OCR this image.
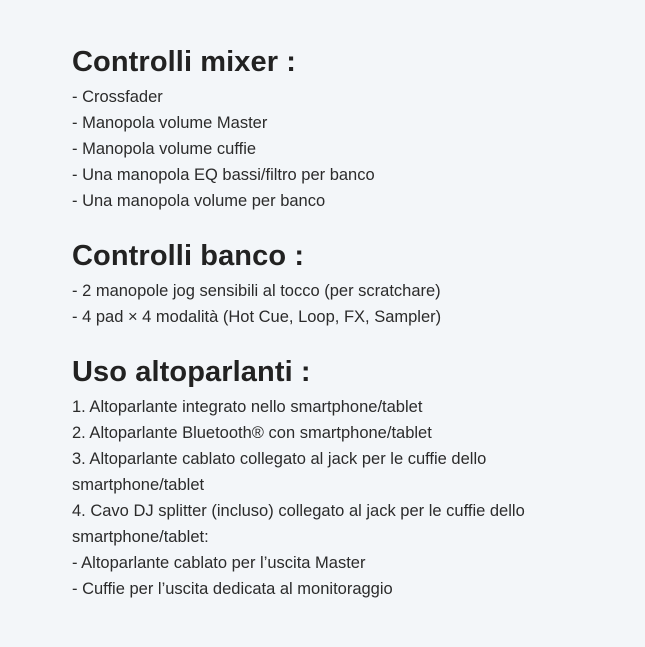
Controlli mixer :

- Crossfader

- Manopola volume Master

- Manopola volume cuffie

- Una manopola EQ bassi/filtro per banco

- Una manopola volume per banco

Controlli banco :

- 2 manopole jog sensibili al tocco (per scratchare)

- 4 pad × 4 modalità (Hot Cue, Loop, FX, Sampler)

Uso altoparlanti :

1. Altoparlante integrato nello smartphone/tablet

2. Altoparlante Bluetooth® con smartphone/tablet

3. Altoparlante cablato collegato al jack per le cuffie dello

smartphone/tablet

4. Cavo DJ splitter (incluso) collegato al jack per le cuffie dello

smartphone/tablet:

- Altoparlante cablato per l’uscita Master

- Cuffie per l’uscita dedicata al monitoraggio
